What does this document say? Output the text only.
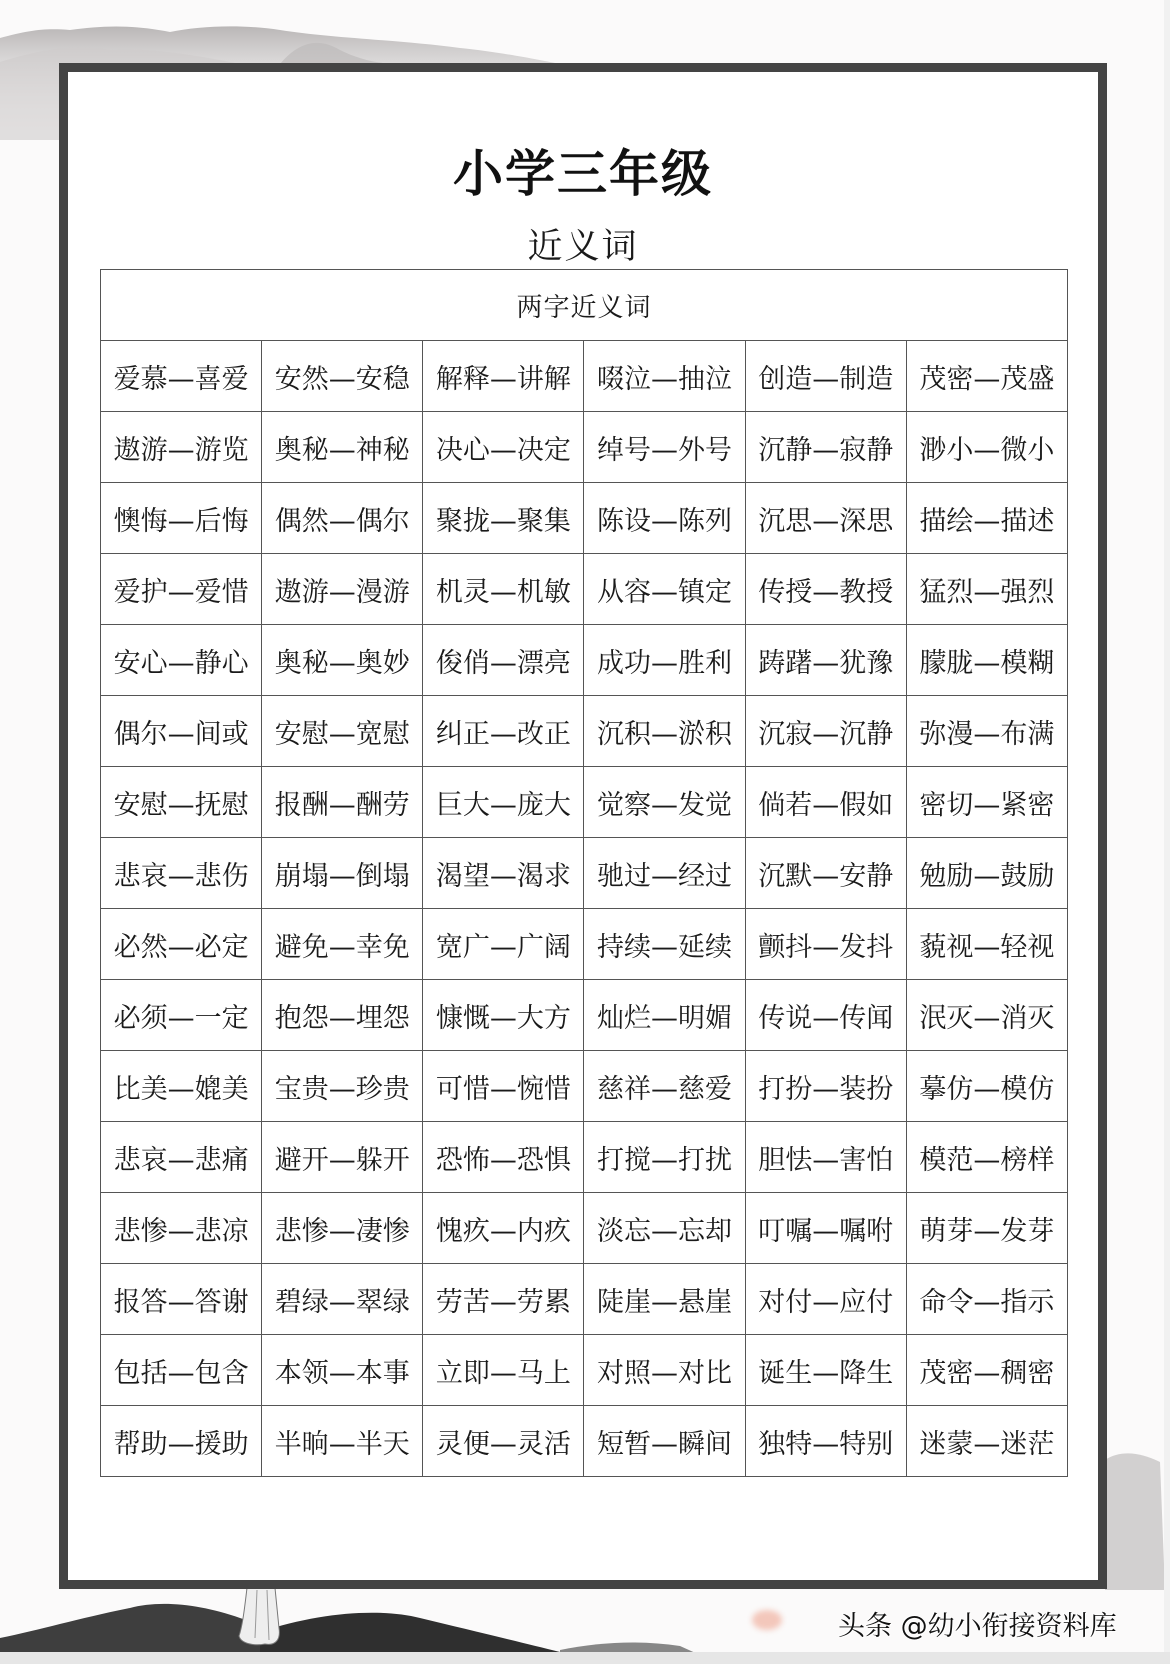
小学三年级
近义词
两字近义词					
爱慕—喜爱	安然—安稳	解释—讲解	啜泣—抽泣	创造—制造	茂密—茂盛
遨游—游览	奥秘—神秘	决心—决定	绰号—外号	沉静—寂静	渺小—微小
懊悔—后悔	偶然—偶尔	聚拢—聚集	陈设—陈列	沉思—深思	描绘—描述
爱护—爱惜	遨游—漫游	机灵—机敏	从容—镇定	传授—教授	猛烈—强烈
安心—静心	奥秘—奥妙	俊俏—漂亮	成功—胜利	踌躇—犹豫	朦胧—模糊
偶尔—间或	安慰—宽慰	纠正—改正	沉积—淤积	沉寂—沉静	弥漫—布满
安慰—抚慰	报酬—酬劳	巨大—庞大	觉察—发觉	倘若—假如	密切—紧密
悲哀—悲伤	崩塌—倒塌	渴望—渴求	驰过—经过	沉默—安静	勉励—鼓励
必然—必定	避免—幸免	宽广—广阔	持续—延续	颤抖—发抖	藐视—轻视
必须—一定	抱怨—埋怨	慷慨—大方	灿烂—明媚	传说—传闻	泯灭—消灭
比美—媲美	宝贵—珍贵	可惜—惋惜	慈祥—慈爱	打扮—装扮	摹仿—模仿
悲哀—悲痛	避开—躲开	恐怖—恐惧	打搅—打扰	胆怯—害怕	模范—榜样
悲惨—悲凉	悲惨—凄惨	愧疚—内疚	淡忘—忘却	叮嘱—嘱咐	萌芽—发芽
报答—答谢	碧绿—翠绿	劳苦—劳累	陡崖—悬崖	对付—应付	命令—指示
包括—包含	本领—本事	立即—马上	对照—对比	诞生—降生	茂密—稠密
帮助—援助	半晌—半天	灵便—灵活	短暂—瞬间	独特—特别	迷蒙—迷茫
头条 @幼小衔接资料库
